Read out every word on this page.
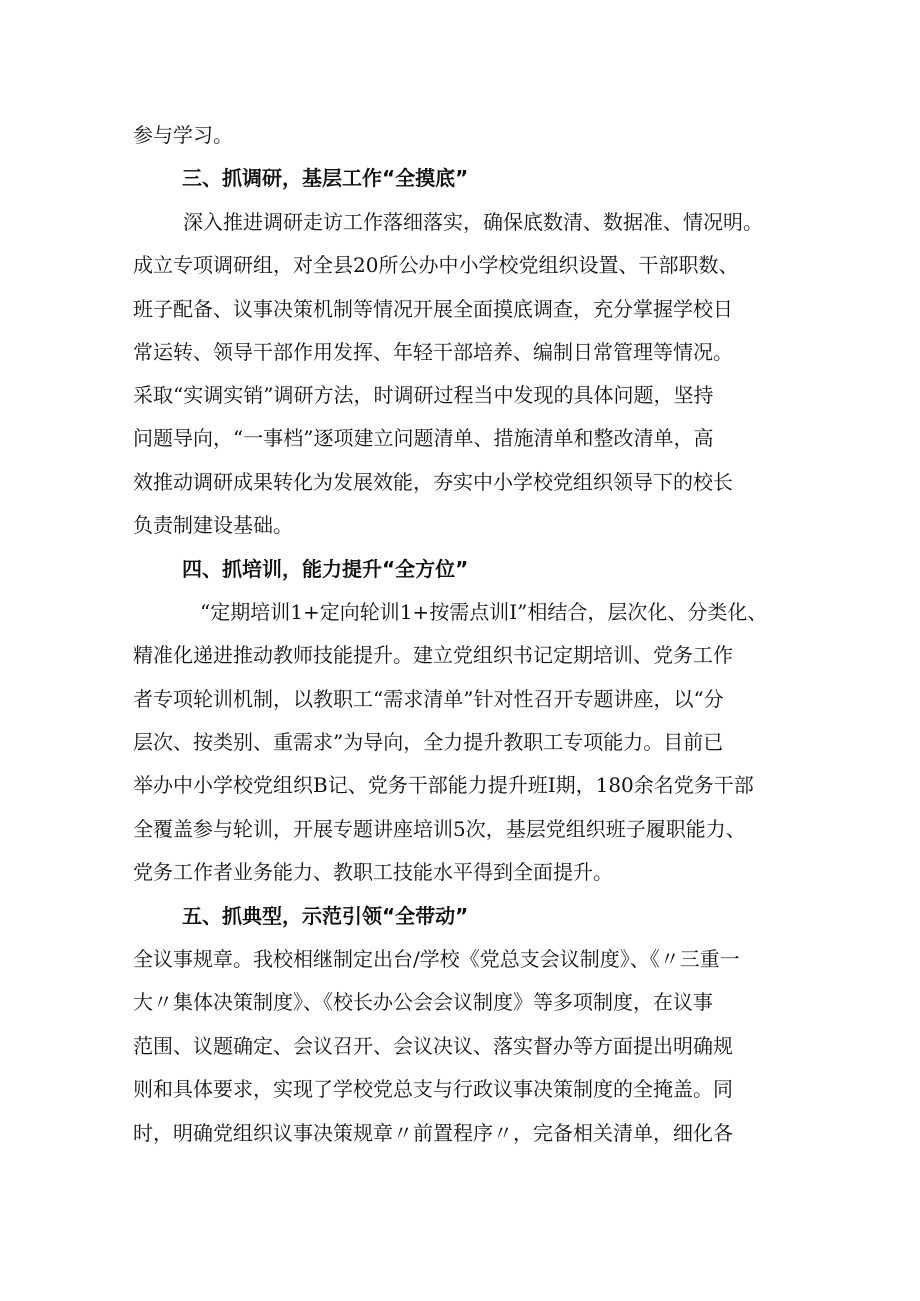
参与学习。
三、抓调研，基层工作“全摸底”
深入推进调研走访工作落细落实，确保底数清、数据准、情况明。
成立专项调研组，对全县20所公办中小学校党组织设置、干部职数、
班子配备、议事决策机制等情况开展全面摸底调查，充分掌握学校日
常运转、领导干部作用发挥、年轻干部培养、编制日常管理等情况。
采取“实调实销”调研方法，时调研过程当中发现的具体问题，坚持
问题导向，“一事档”逐项建立问题清单、措施清单和整改清单，高
效推动调研成果转化为发展效能，夯实中小学校党组织领导下的校长
负责制建设基础。
四、抓培训，能力提升“全方位”
“定期培训1+定向轮训1+按需点训I”相结合，层次化、分类化、
精准化递进推动教师技能提升。建立党组织书记定期培训、党务工作
者专项轮训机制，以教职工“需求清单”针对性召开专题讲座，以“分
层次、按类别、重需求”为导向，全力提升教职工专项能力。目前已
举办中小学校党组织B记、党务干部能力提升班I期，180余名党务干部
全覆盖参与轮训，开展专题讲座培训5次，基层党组织班子履职能力、
党务工作者业务能力、教职工技能水平得到全面提升。
五、抓典型，示范引领“全带动”
全议事规章。我校相继制定出台/学校《党总支会议制度》、《〃三重一
大〃集体决策制度》、《校长办公会会议制度》等多项制度，在议事
范围、议题确定、会议召开、会议决议、落实督办等方面提出明确规
则和具体要求，实现了学校党总支与行政议事决策制度的全掩盖。同
时，明确党组织议事决策规章〃前置程序〃，完备相关清单，细化各
